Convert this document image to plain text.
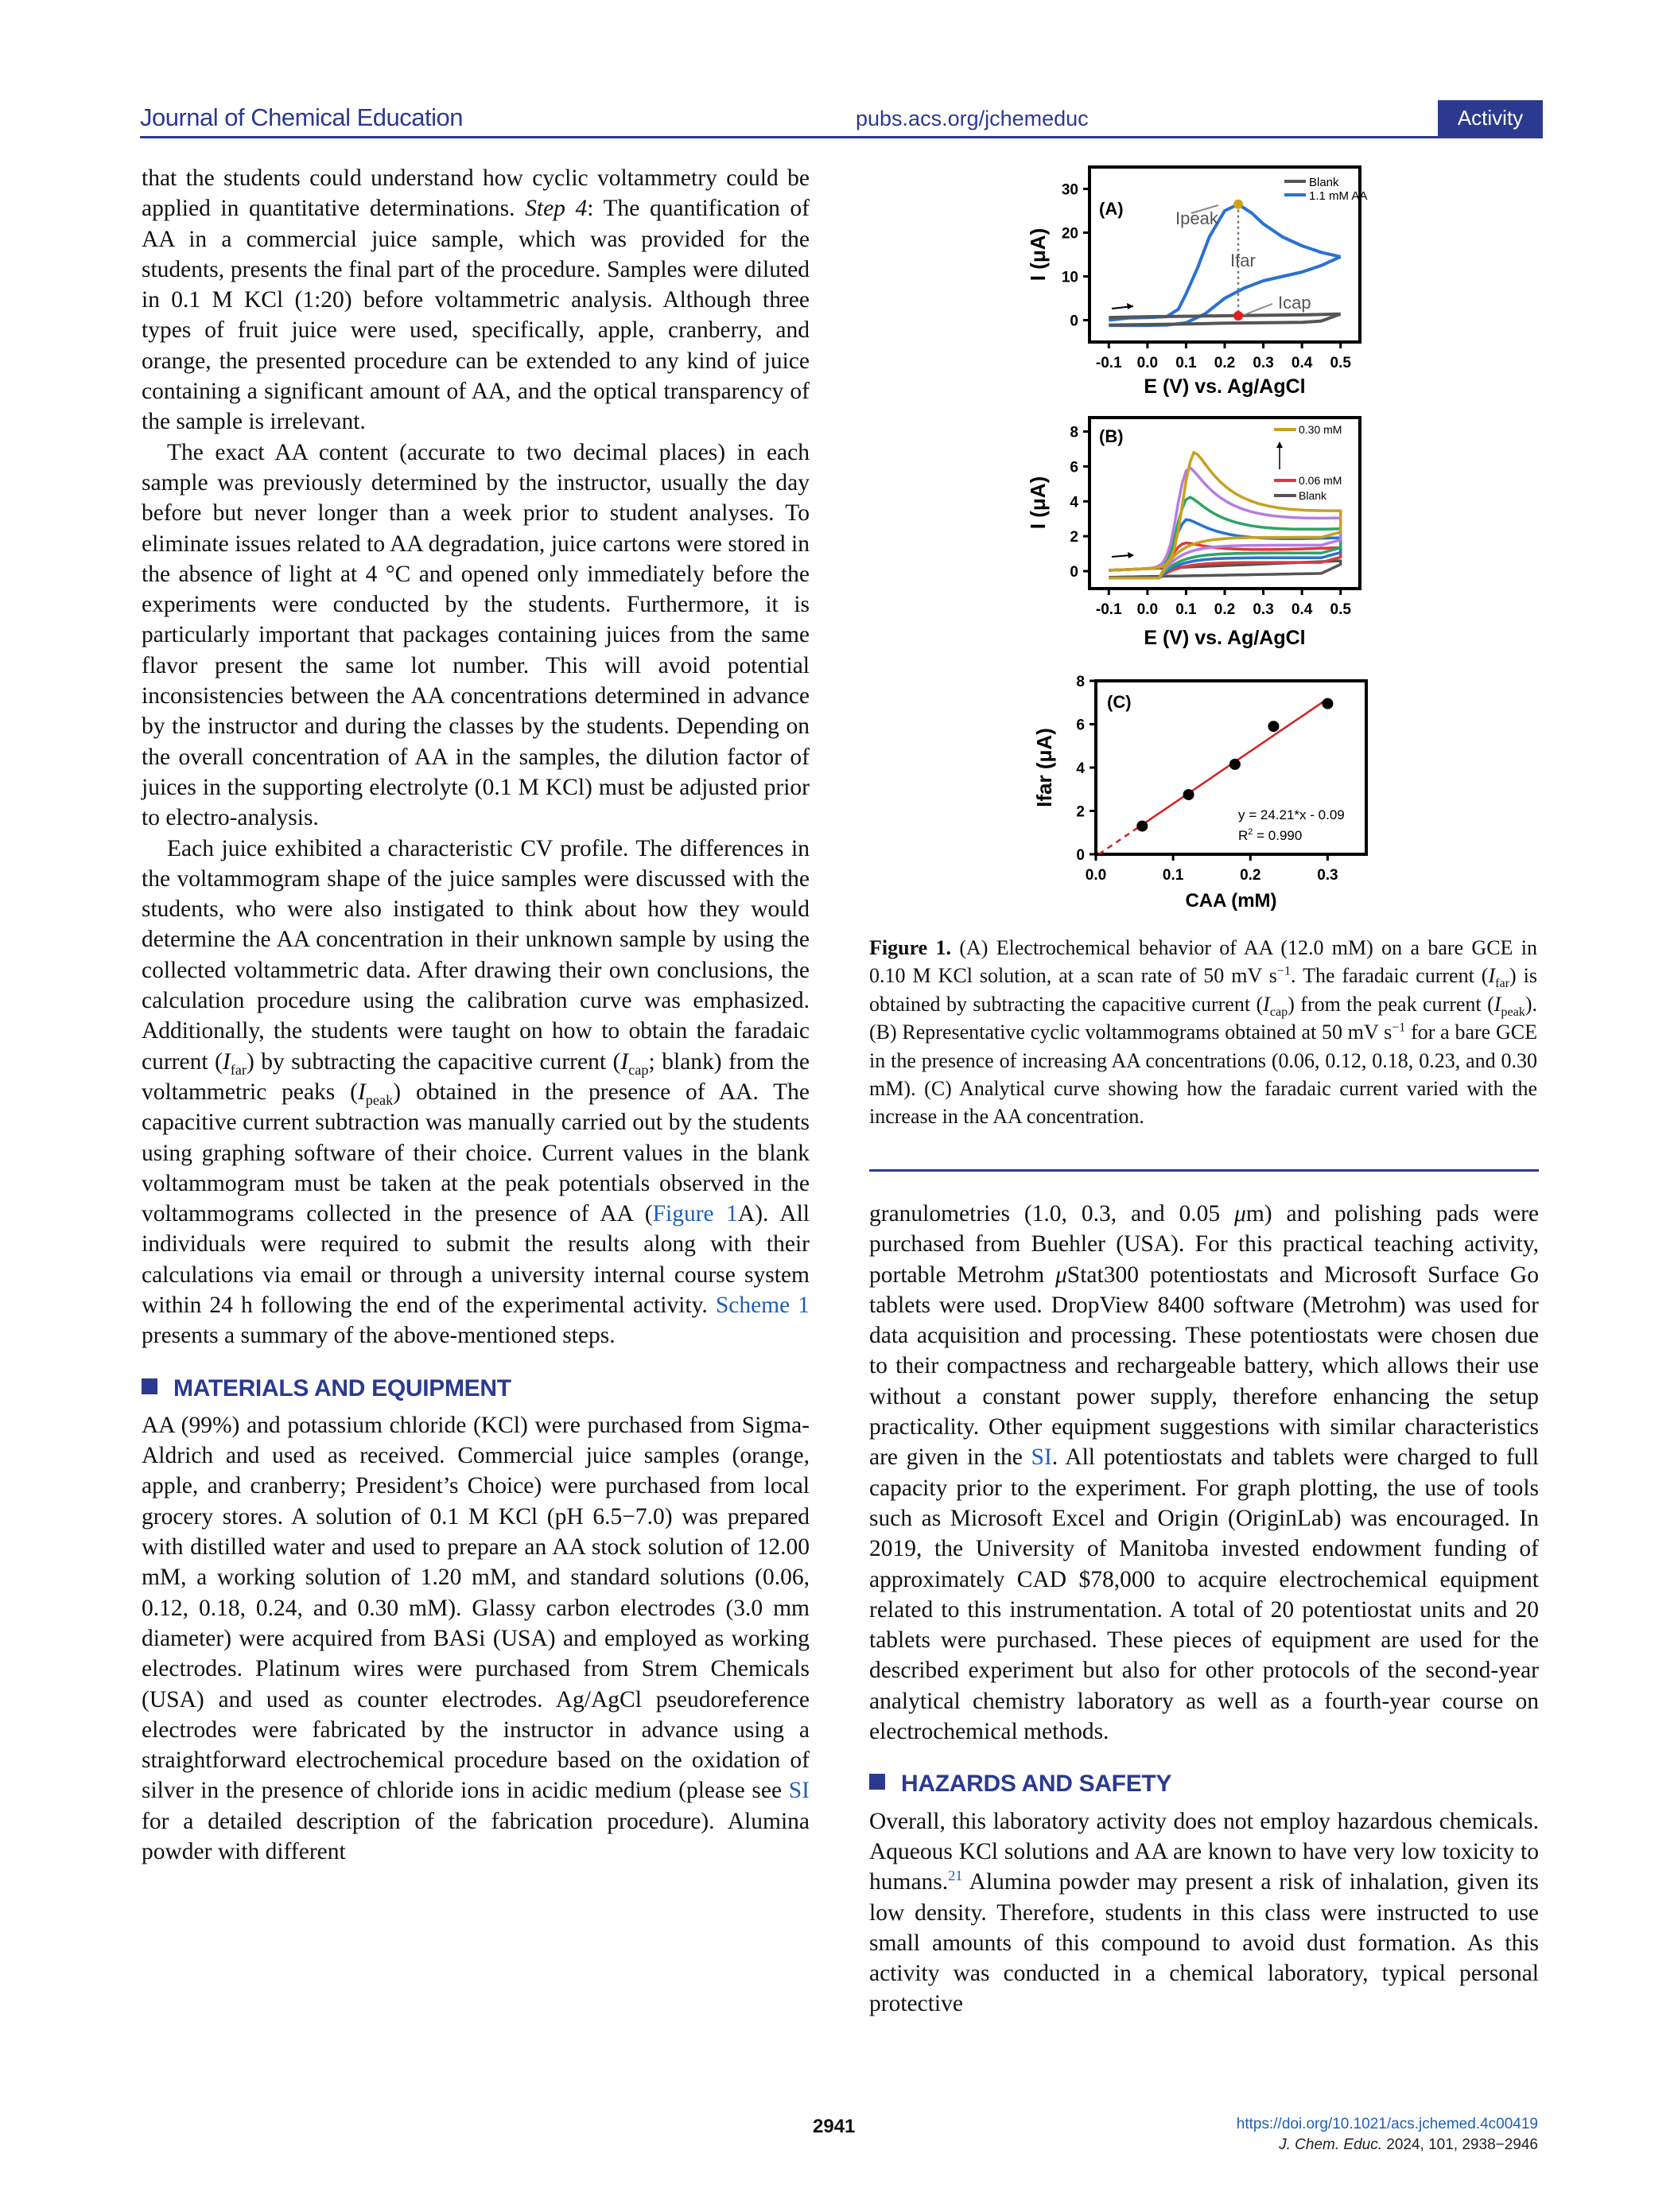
Journal of Chemical Education	pubs.acs.org/jchemeduc	Activity

that the students could understand how cyclic voltammetry could be applied in quantitative determinations. Step 4: The quantification of AA in a commercial juice sample, which was provided for the students, presents the final part of the procedure. Samples were diluted in 0.1 M KCl (1:20) before voltammetric analysis. Although three types of fruit juice were used, specifically, apple, cranberry, and orange, the presented procedure can be extended to any kind of juice containing a significant amount of AA, and the optical transparency of the sample is irrelevant.

The exact AA content (accurate to two decimal places) in each sample was previously determined by the instructor, usually the day before but never longer than a week prior to student analyses. To eliminate issues related to AA degradation, juice cartons were stored in the absence of light at 4 °C and opened only immediately before the experiments were conducted by the students. Furthermore, it is particularly important that packages containing juices from the same flavor present the same lot number. This will avoid potential inconsistencies between the AA concentrations determined in advance by the instructor and during the classes by the students. Depending on the overall concentration of AA in the samples, the dilution factor of juices in the supporting electrolyte (0.1 M KCl) must be adjusted prior to electro-analysis.

Each juice exhibited a characteristic CV profile. The differences in the voltammogram shape of the juice samples were discussed with the students, who were also instigated to think about how they would determine the AA concentration in their unknown sample by using the collected voltammetric data. After drawing their own conclusions, the calculation procedure using the calibration curve was emphasized. Additionally, the students were taught on how to obtain the faradaic current $(I_{far})$ by subtracting the capacitive current ($I_{cap}$; blank) from the voltammetric peaks $(I_{peak})$ obtained in the presence of AA. The capacitive current subtraction was manually carried out by the students using graphing software of their choice. Current values in the blank voltammogram must be taken at the peak potentials observed in the voltammograms collected in the presence of AA (Figure 1A). All individuals were required to submit the results along with their calculations via email or through a university internal course system within 24 h following the end of the experimental activity. Scheme 1 presents a summary of the above-mentioned steps.

MATERIALS AND EQUIPMENT

AA (99%) and potassium chloride (KCl) were purchased from Sigma-Aldrich and used as received. Commercial juice samples (orange, apple, and cranberry; President’s Choice) were purchased from local grocery stores. A solution of 0.1 M KCl (pH 6.5−7.0) was prepared with distilled water and used to prepare an AA stock solution of 12.00 mM, a working solution of 1.20 mM, and standard solutions (0.06, 0.12, 0.18, 0.24, and 0.30 mM). Glassy carbon electrodes (3.0 mm diameter) were acquired from BASi (USA) and employed as working electrodes. Platinum wires were purchased from Strem Chemicals (USA) and used as counter electrodes. Ag/AgCl pseudoreference electrodes were fabricated by the instructor in advance using a straightforward electrochemical procedure based on the oxidation of silver in the presence of chloride ions in acidic medium (please see SI for a detailed description of the fabrication procedure). Alumina powder with different

-0.1 0.0 0.1 0.2 0.3 0.4 0.5
0
10
20
30
E (V) vs. Ag/AgCl
I (μA)
(A)	Ipeak
Ifar
Icap
Blank
1.1 mM AA
-0.1 0.0 0.1 0.2 0.3 0.4 0.5
0
2
4
6
8
E (V) vs. Ag/AgCl
I (μA)
(B)	0.30 mM
0.06 mM
Blank
0.0	0.1	0.2	0.3
0
2
4
6
8
Ifar (μA)
CAA (mM)
(C)
y = 24.21*x - 0.09
$R^2 = 0.990$
Figure 1. (A) Electrochemical behavior of AA (12.0 mM) on a bare GCE in 0.10 M KCl solution, at a scan rate of 50 mV $s^{-1}$. The faradaic current $(I_{far})$ is obtained by subtracting the capacitive current $(I_{cap})$ from the peak current $(I_{peak})$. (B) Representative cyclic voltammograms obtained at 50 mV $s^{-1}$ for a bare GCE in the presence of increasing AA concentrations (0.06, 0.12, 0.18, 0.23, and 0.30 mM). (C) Analytical curve showing how the faradaic current varied with the increase in the AA concentration.

granulometries (1.0, 0.3, and 0.05 μm) and polishing pads were purchased from Buehler (USA). For this practical teaching activity, portable Metrohm μStat300 potentiostats and Microsoft Surface Go tablets were used. DropView 8400 software (Metrohm) was used for data acquisition and processing. These potentiostats were chosen due to their compactness and rechargeable battery, which allows their use without a constant power supply, therefore enhancing the setup practicality. Other equipment suggestions with similar characteristics are given in the SI. All potentiostats and tablets were charged to full capacity prior to the experiment. For graph plotting, the use of tools such as Microsoft Excel and Origin (OriginLab) was encouraged. In 2019, the University of Manitoba invested endowment funding of approximately CAD $78,000 to acquire electrochemical equipment related to this instrumentation. A total of 20 potentiostat units and 20 tablets were purchased. These pieces of equipment are used for the described experiment but also for other protocols of the second-year analytical chemistry laboratory as well as a fourth-year course on electrochemical methods.

HAZARDS AND SAFETY

Overall, this laboratory activity does not employ hazardous chemicals. Aqueous KCl solutions and AA are known to have very low toxicity to humans.$^{21}$ Alumina powder may present a risk of inhalation, given its low density. Therefore, students in this class were instructed to use small amounts of this compound to avoid dust formation. As this activity was conducted in a chemical laboratory, typical personal protective

2941	https://doi.org/10.1021/acs.jchemed.4c00419
J. Chem. Educ. 2024, 101, 2938−2946
